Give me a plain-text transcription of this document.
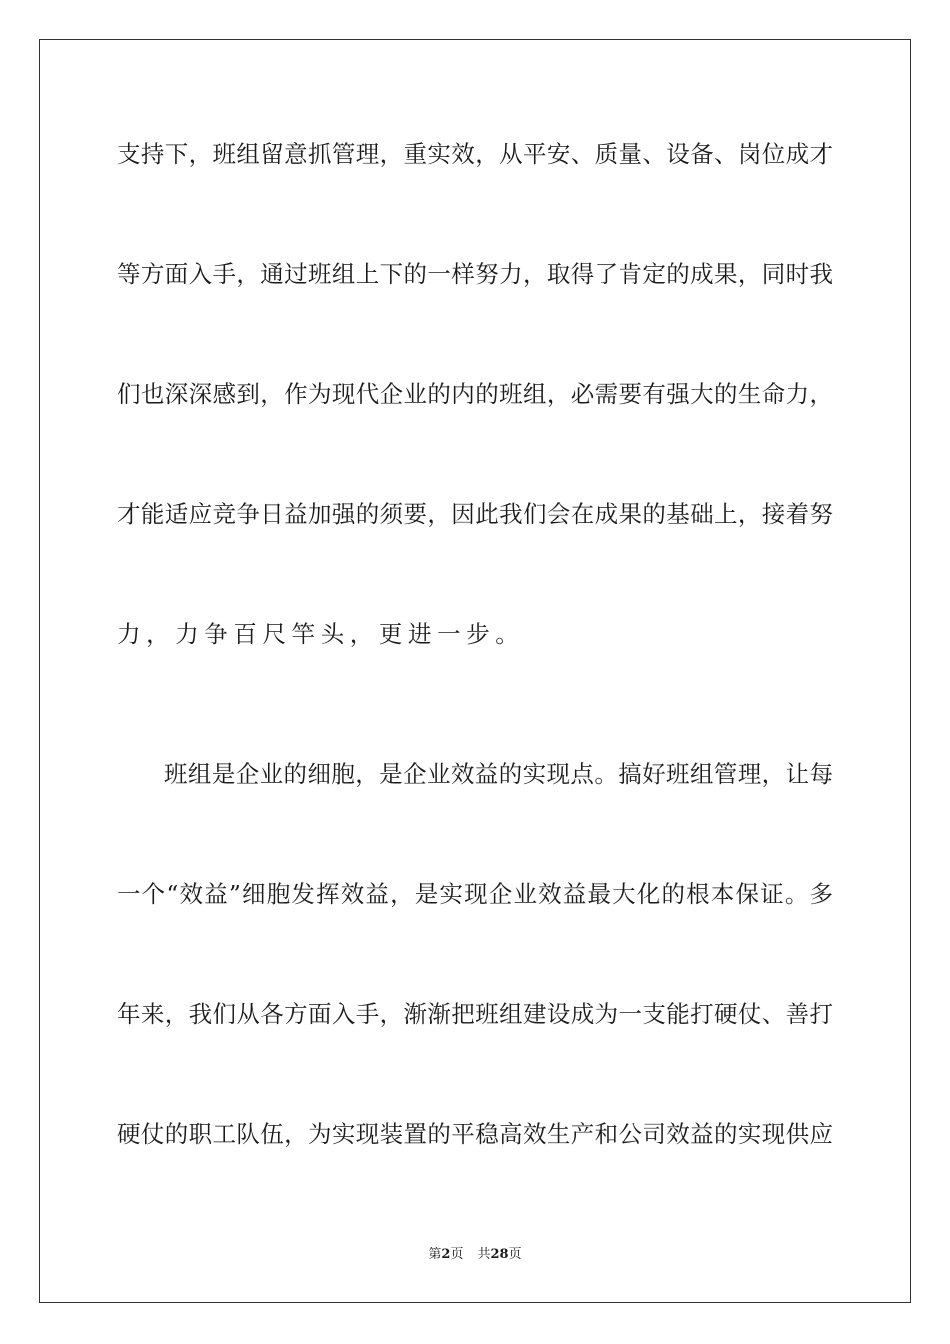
支持下，班组留意抓管理，重实效，从平安、质量、设备、岗位成才
等方面入手，通过班组上下的一样努力，取得了肯定的成果，同时我
们也深深感到，作为现代企业的内的班组，必需要有强大的生命力，
才能适应竞争日益加强的须要，因此我们会在成果的基础上，接着努
力，力争百尺竿头，更进一步。
班组是企业的细胞，是企业效益的实现点。搞好班组管理，让每
一个“效益”细胞发挥效益，是实现企业效益最大化的根本保证。多
年来，我们从各方面入手，渐渐把班组建设成为一支能打硬仗、善打
硬仗的职工队伍，为实现装置的平稳高效生产和公司效益的实现供应
第2页 共28页
